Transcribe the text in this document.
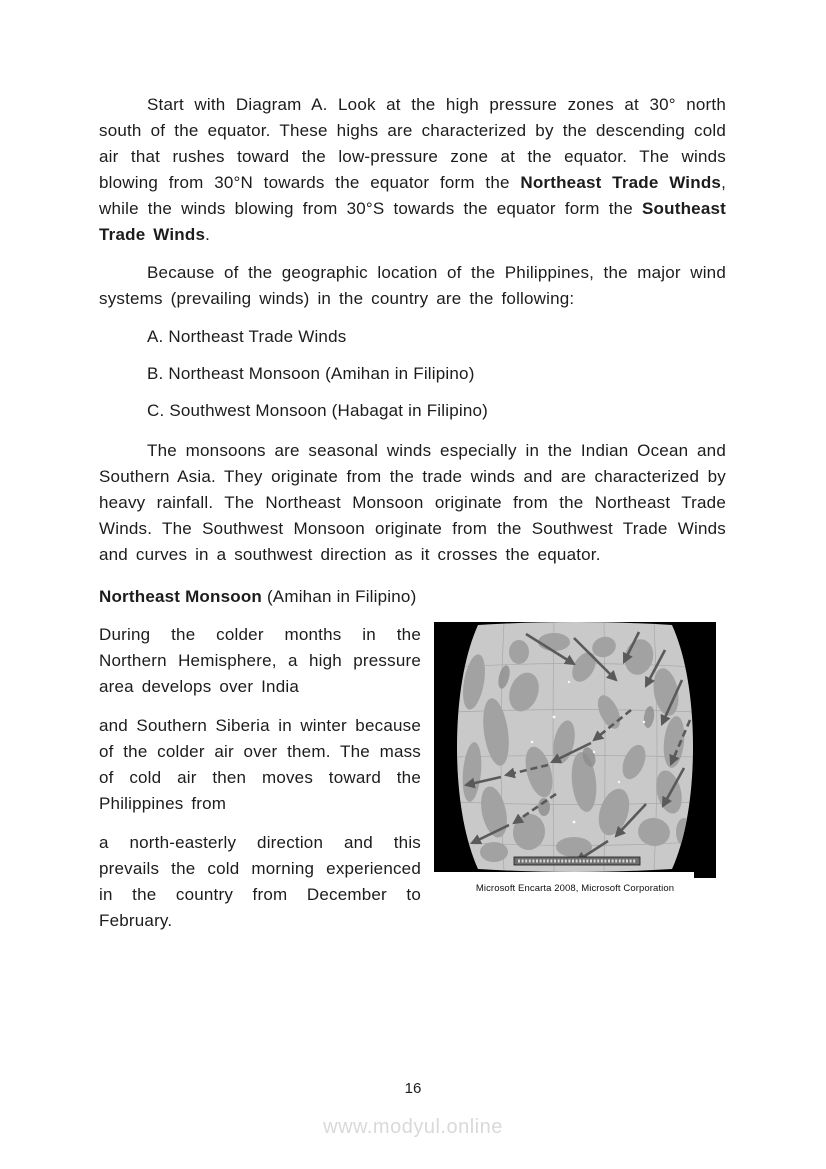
Start with Diagram A. Look at the high pressure zones at 30° north south of the equator. These highs are characterized by the descending cold air that rushes toward the low-pressure zone at the equator. The winds blowing from 30°N towards the equator form the Northeast Trade Winds, while the winds blowing from 30°S towards the equator form the Southeast Trade Winds.

Because of the geographic location of the Philippines, the major wind systems (prevailing winds) in the country are the following:

A. Northeast Trade Winds
B. Northeast Monsoon (Amihan in Filipino)
C. Southwest Monsoon (Habagat in Filipino)

The monsoons are seasonal winds especially in the Indian Ocean and Southern Asia. They originate from the trade winds and are characterized by heavy rainfall. The Northeast Monsoon originate from the Northeast Trade Winds. The Southwest Monsoon originate from the Southwest Trade Winds and curves in a southwest direction as it crosses the equator.

Northeast Monsoon (Amihan in Filipino)

During the colder months in the Northern Hemisphere, a high pressure area develops over India

and Southern Siberia in winter because of the colder air over them. The mass of cold air then moves toward the Philippines from

a north-easterly direction and this prevails the cold morning experienced in the country from December to February.

Microsoft Encarta 2008, Microsoft Corporation
16
www.modyul.online
